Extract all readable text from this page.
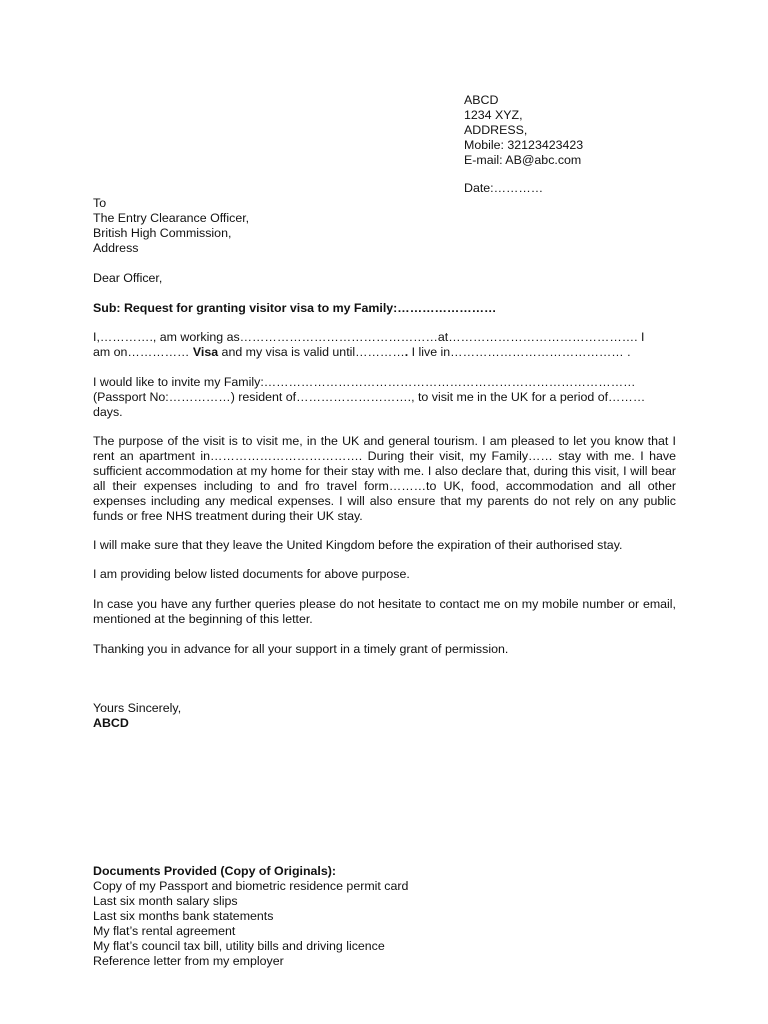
ABCD
1234 XYZ,
ADDRESS,
Mobile: 32123423423
E-mail: AB@abc.com
Date:…………
To
The Entry Clearance Officer,
British High Commission,
Address
Dear Officer,
Sub: Request for granting visitor visa to my Family:……………………
I,…………., am working as…………………………………………at………………………………………. I
am on…………… Visa and my visa is valid until…………. I live in…………………………………… .
I would like to invite my Family:………………………………………………………………………………
(Passport No:……………) resident of………………………., to visit me in the UK for a period of………
days.
The purpose of the visit is to visit me, in the UK and general tourism. I am pleased to let you know that I rent an apartment in………………………………. During their visit, my Family…… stay with me. I have sufficient accommodation at my home for their stay with me. I also declare that, during this visit, I will bear all their expenses including to and fro travel form………to UK, food, accommodation and all other expenses including any medical expenses. I will also ensure that my parents do not rely on any public funds or free NHS treatment during their UK stay.
I will make sure that they leave the United Kingdom before the expiration of their authorised stay.
I am providing below listed documents for above purpose.
In case you have any further queries please do not hesitate to contact me on my mobile number or email, mentioned at the beginning of this letter.
Thanking you in advance for all your support in a timely grant of permission.
Yours Sincerely,
ABCD
Documents Provided (Copy of Originals):
Copy of my Passport and biometric residence permit card
Last six month salary slips
Last six months bank statements
My flat’s rental agreement
My flat’s council tax bill, utility bills and driving licence
Reference letter from my employer
